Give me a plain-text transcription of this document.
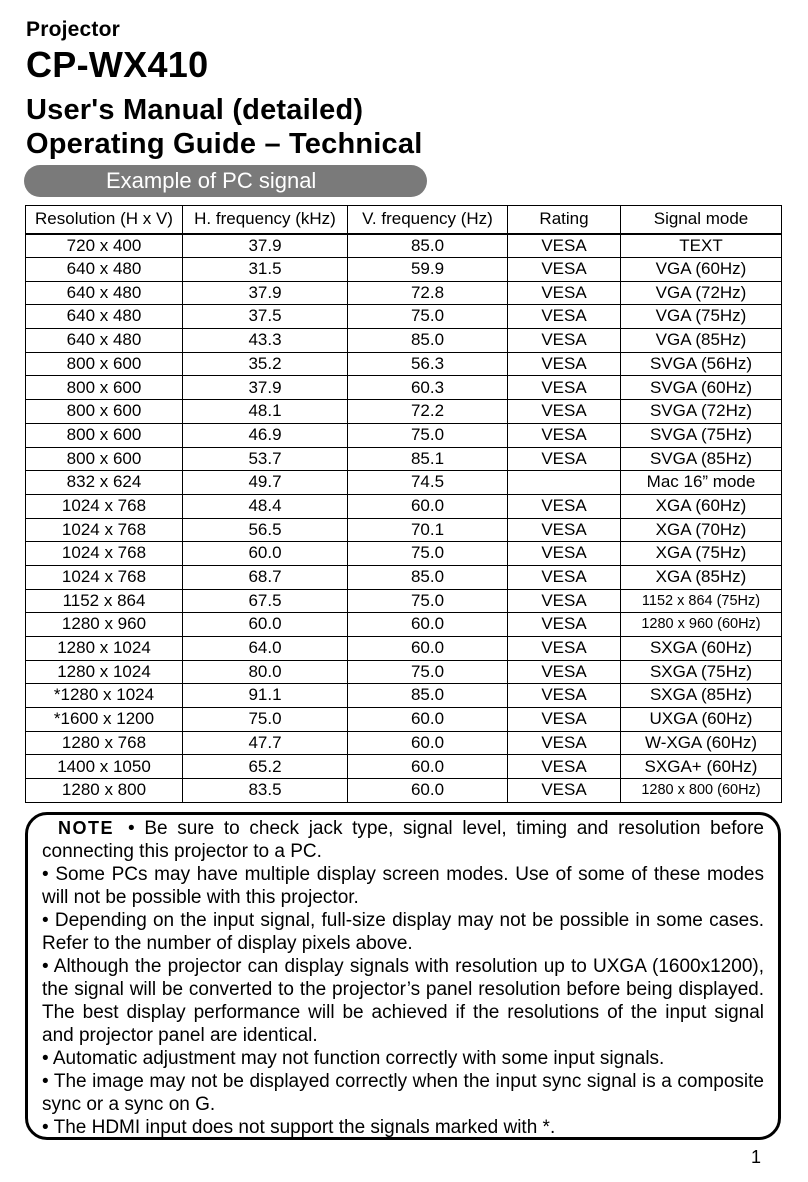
Projector
CP-WX410
User's Manual (detailed)
Operating Guide – Technical
Example of PC signal
Resolution (H x V)	H. frequency (kHz)	V. frequency (Hz)	Rating	Signal mode
720 x 400	37.9	85.0	VESA	TEXT
640 x 480	31.5	59.9	VESA	VGA (60Hz)
640 x 480	37.9	72.8	VESA	VGA (72Hz)
640 x 480	37.5	75.0	VESA	VGA (75Hz)
640 x 480	43.3	85.0	VESA	VGA (85Hz)
800 x 600	35.2	56.3	VESA	SVGA (56Hz)
800 x 600	37.9	60.3	VESA	SVGA (60Hz)
800 x 600	48.1	72.2	VESA	SVGA (72Hz)
800 x 600	46.9	75.0	VESA	SVGA (75Hz)
800 x 600	53.7	85.1	VESA	SVGA (85Hz)
832 x 624	49.7	74.5		Mac 16” mode
1024 x 768	48.4	60.0	VESA	XGA (60Hz)
1024 x 768	56.5	70.1	VESA	XGA (70Hz)
1024 x 768	60.0	75.0	VESA	XGA (75Hz)
1024 x 768	68.7	85.0	VESA	XGA (85Hz)
1152 x 864	67.5	75.0	VESA	1152 x 864 (75Hz)
1280 x 960	60.0	60.0	VESA	1280 x 960 (60Hz)
1280 x 1024	64.0	60.0	VESA	SXGA (60Hz)
1280 x 1024	80.0	75.0	VESA	SXGA (75Hz)
*1280 x 1024	91.1	85.0	VESA	SXGA (85Hz)
*1600 x 1200	75.0	60.0	VESA	UXGA (60Hz)
1280 x 768	47.7	60.0	VESA	W-XGA (60Hz)
1400 x 1050	65.2	60.0	VESA	SXGA+ (60Hz)
1280 x 800	83.5	60.0	VESA	1280 x 800 (60Hz)

NOTE • Be sure to check jack type, signal level, timing and resolution before connecting this projector to a PC.

• Some PCs may have multiple display screen modes. Use of some of these modes will not be possible with this projector.

• Depending on the input signal, full-size display may not be possible in some cases. Refer to the number of display pixels above.

• Although the projector can display signals with resolution up to UXGA (1600x1200), the signal will be converted to the projector’s panel resolution before being displayed. The best display performance will be achieved if the resolutions of the input signal and projector panel are identical.

• Automatic adjustment may not function correctly with some input signals.

• The image may not be displayed correctly when the input sync signal is a composite sync or a sync on G.

• The HDMI input does not support the signals marked with *.

1
